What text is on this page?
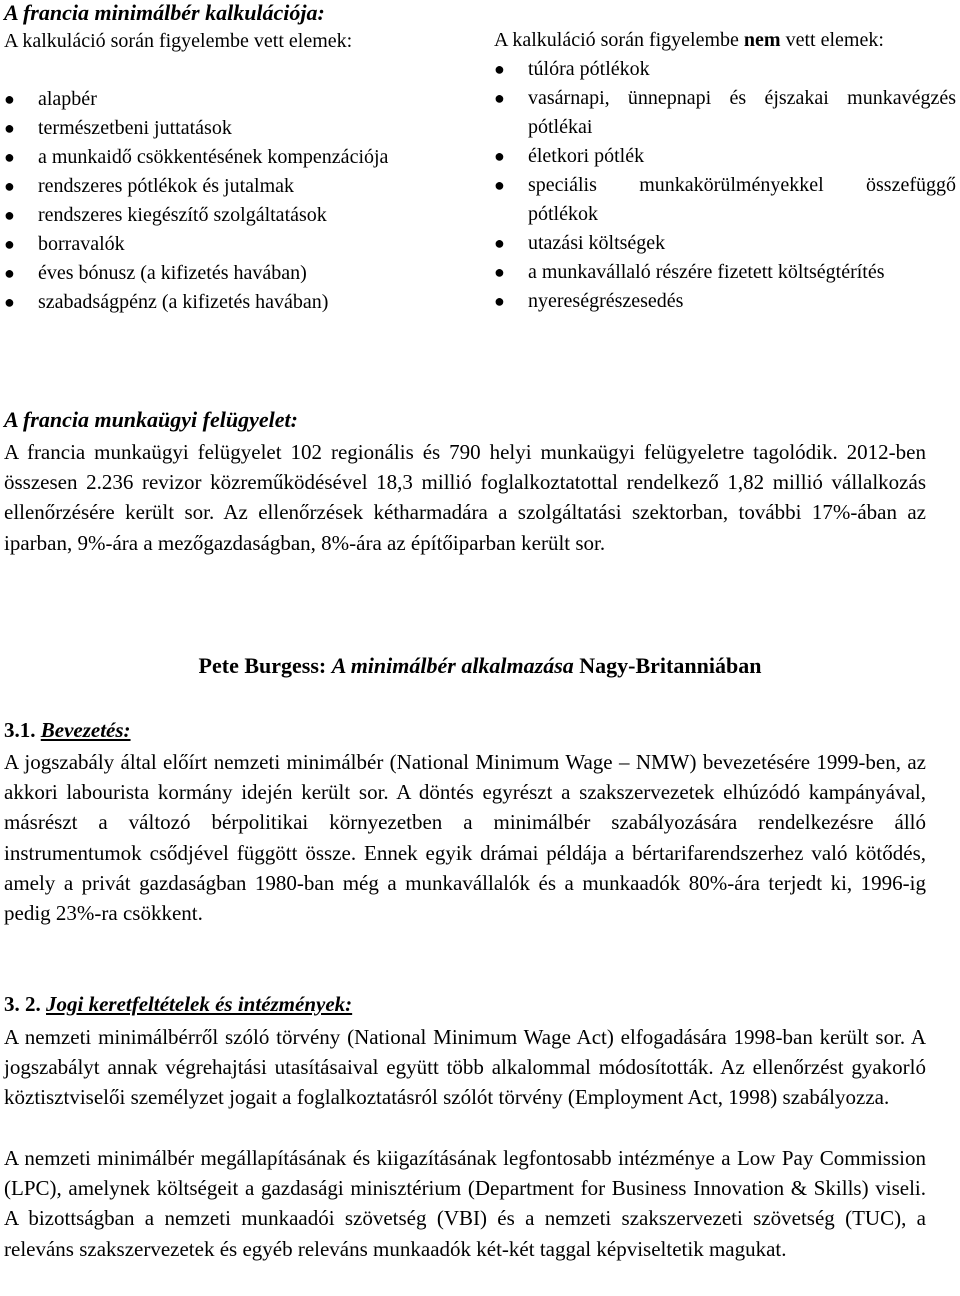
A francia minimálbér kalkulációja:

A kalkuláció során figyelembe vett elemek:

●	alapbér
●	természetbeni juttatások
●	a munkaidő csökkentésének kompenzációja
●	rendszeres pótlékok és jutalmak
●	rendszeres kiegészítő szolgáltatások
●	borravalók
●	éves bónusz (a kifizetés havában)
●	szabadságpénz (a kifizetés havában)

A kalkuláció során figyelembe nem vett elemek:

●	túlóra pótlékok
●	vasárnapi, ünnepnapi és éjszakai munkavégzés pótlékai
●	életkori pótlék
●	speciális munkakörülményekkel összefüggő pótlékok
●	utazási költségek
●	a munkavállaló részére fizetett költségtérítés
●	nyereségrészesedés
A francia munkaügyi felügyelet:

A francia munkaügyi felügyelet 102 regionális és 790 helyi munkaügyi felügyeletre tagolódik. 2012-ben összesen 2.236 revizor közreműködésével 18,3 millió foglalkoztatottal rendelkező 1,82 millió vállalkozás ellenőrzésére került sor. Az ellenőrzések kétharmadára a szolgáltatási szektorban, további 17%-ában az iparban, 9%-ára a mezőgazdaságban, 8%-ára az építőiparban került sor.

Pete Burgess: A minimálbér alkalmazása Nagy-Britanniában
3.1. Bevezetés:

A jogszabály által előírt nemzeti minimálbér (National Minimum Wage – NMW) bevezetésére 1999-ben, az akkori labourista kormány idején került sor. A döntés egyrészt a szakszervezetek elhúzódó kampányával, másrészt a változó bérpolitikai környezetben a minimálbér szabályozására rendelkezésre álló instrumentumok csődjével függött össze. Ennek egyik drámai példája a bértarifarendszerhez való kötődés, amely a privát gazdaságban 1980-ban még a munkavállalók és a munkaadók 80%-ára terjedt ki, 1996-ig pedig 23%-ra csökkent.

3. 2. Jogi keretfeltételek és intézmények:

A nemzeti minimálbérről szóló törvény (National Minimum Wage Act) elfogadására 1998-ban került sor. A jogszabályt annak végrehajtási utasításaival együtt több alkalommal módosították. Az ellenőrzést gyakorló köztisztviselői személyzet jogait a foglalkoztatásról szólót törvény (Employment Act, 1998) szabályozza.

A nemzeti minimálbér megállapításának és kiigazításának legfontosabb intézménye a Low Pay Commission (LPC), amelynek költségeit a gazdasági minisztérium (Department for Business Innovation & Skills) viseli. A bizottságban a nemzeti munkaadói szövetség (VBI) és a nemzeti szakszervezeti szövetség (TUC), a releváns szakszervezetek és egyéb releváns munkaadók két-két taggal képviseltetik magukat.
